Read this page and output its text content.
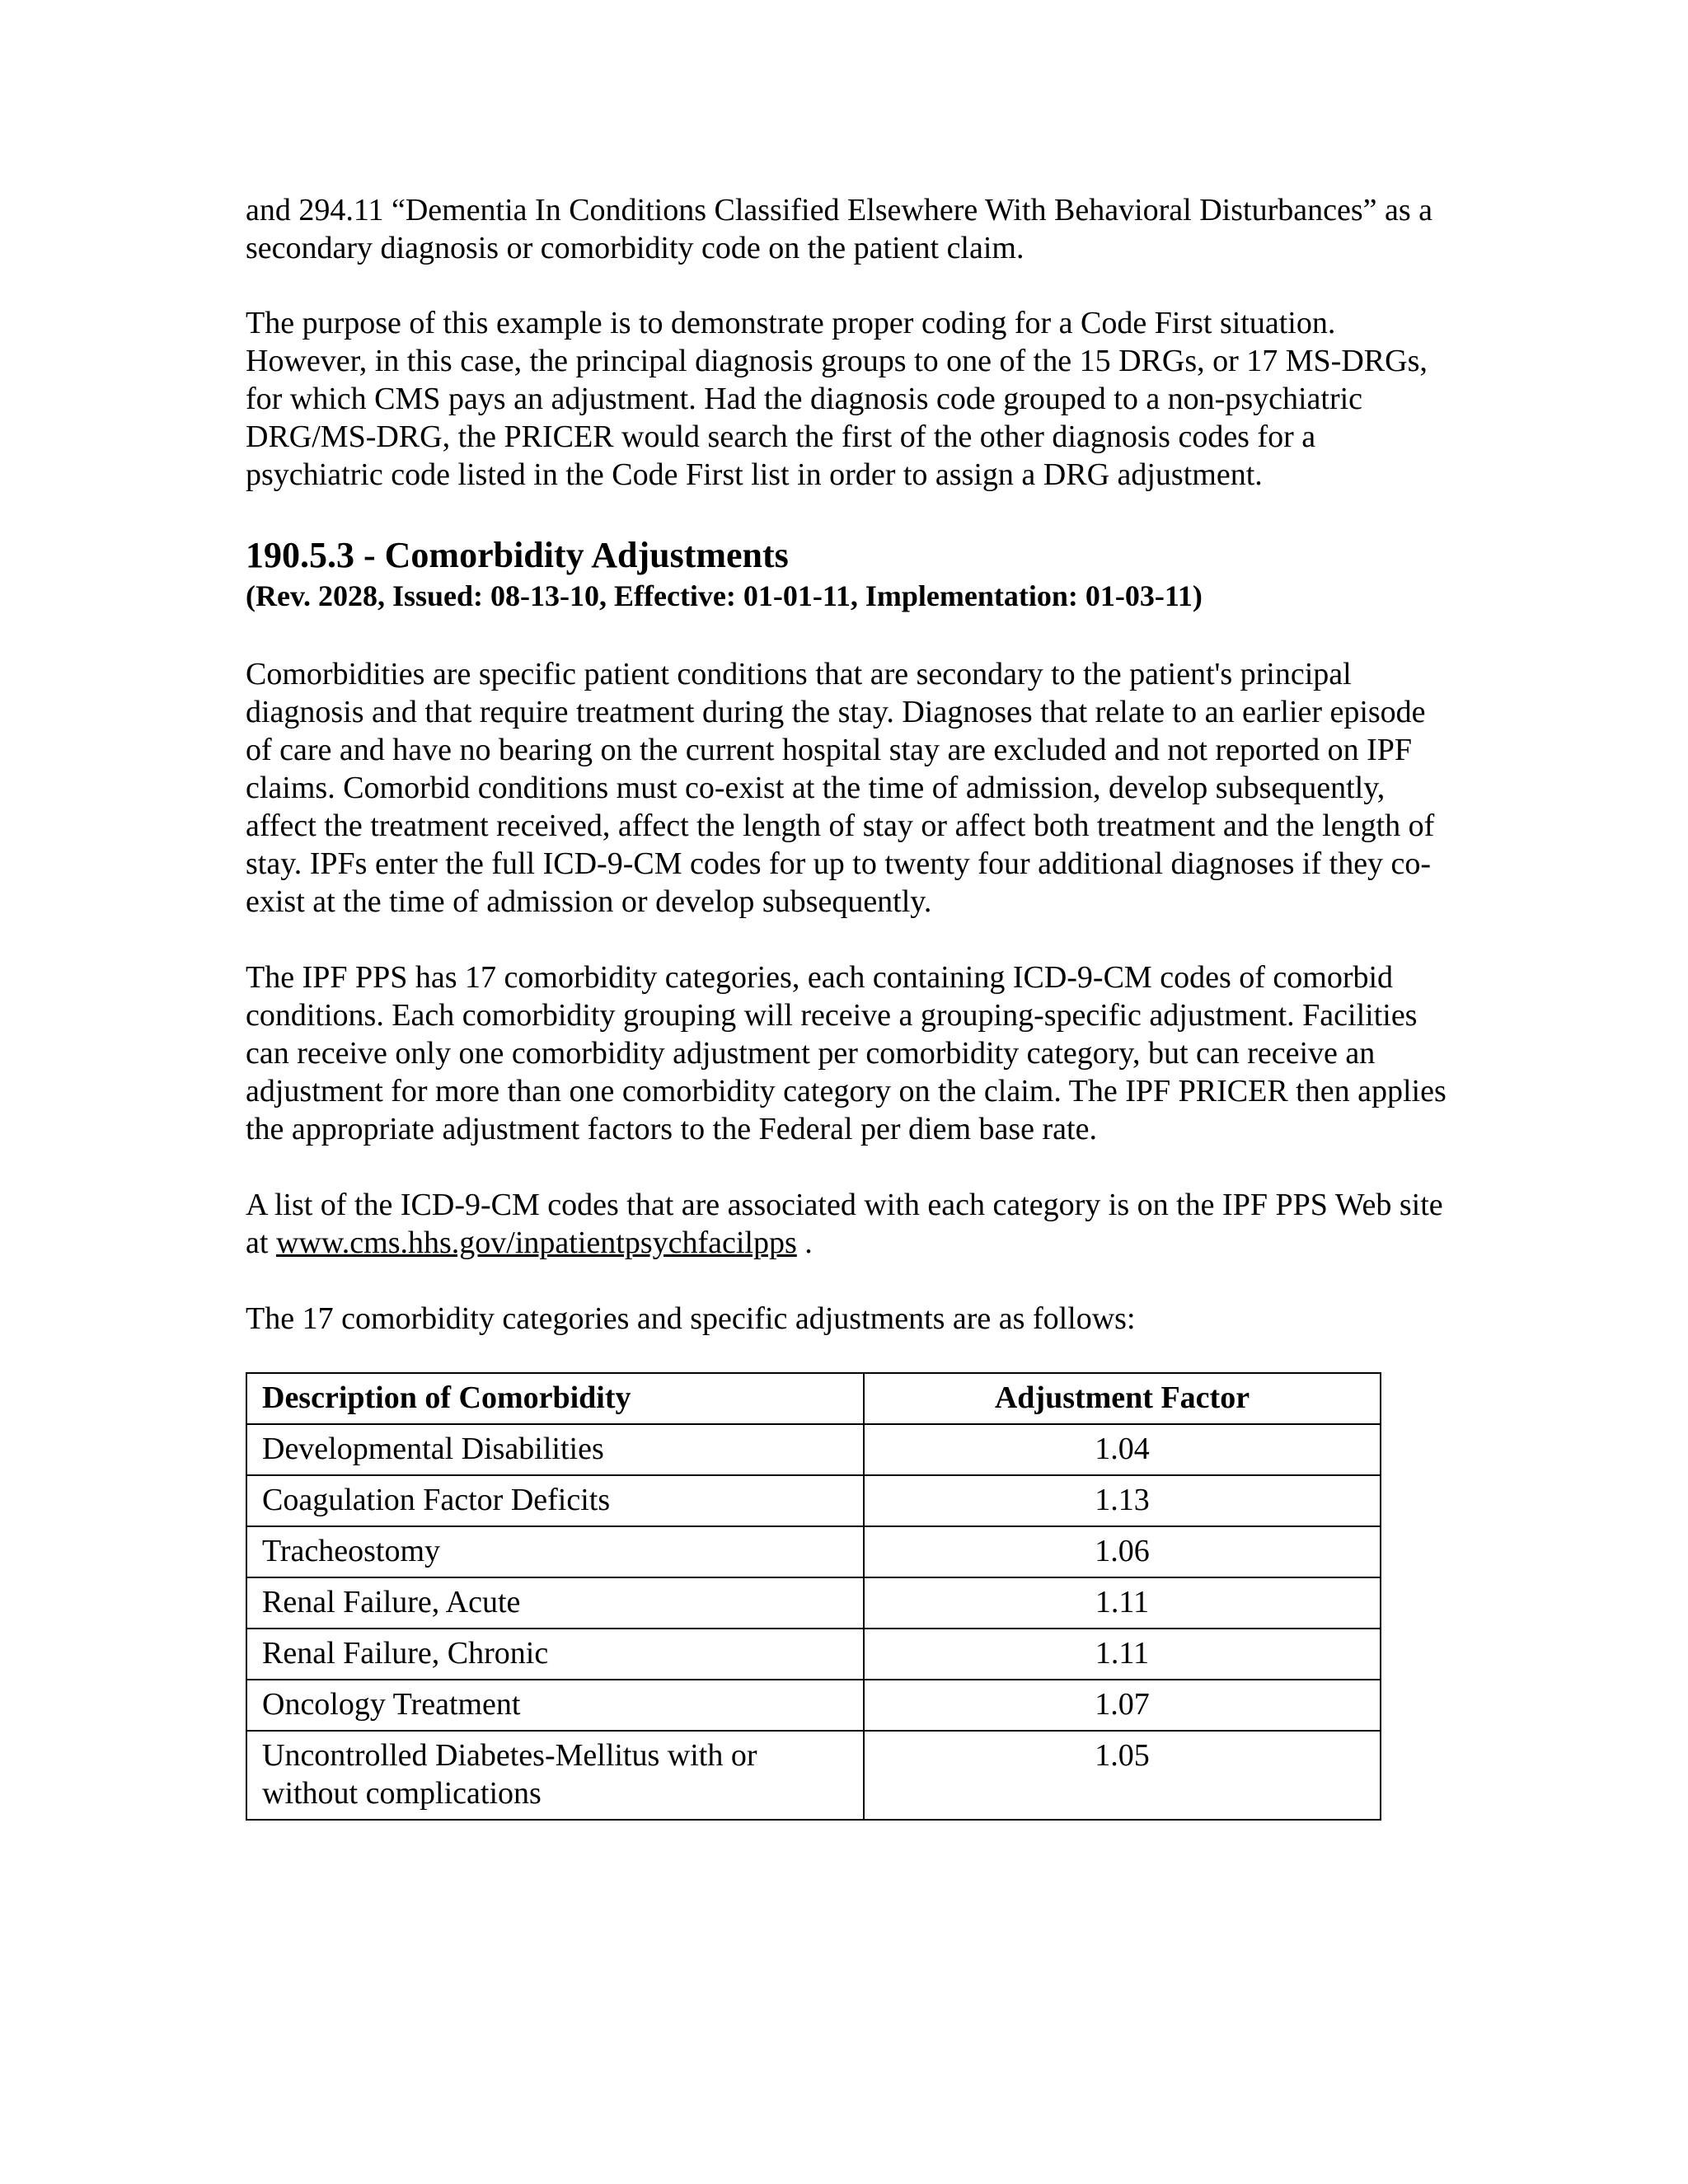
and 294.11 “Dementia In Conditions Classified Elsewhere With Behavioral Disturbances” as a secondary diagnosis or comorbidity code on the patient claim.

The purpose of this example is to demonstrate proper coding for a Code First situation. However, in this case, the principal diagnosis groups to one of the 15 DRGs, or 17 MS-DRGs, for which CMS pays an adjustment. Had the diagnosis code grouped to a non-psychiatric DRG/MS-DRG, the PRICER would search the first of the other diagnosis codes for a psychiatric code listed in the Code First list in order to assign a DRG adjustment.

190.5.3 - Comorbidity Adjustments
(Rev. 2028, Issued: 08-13-10, Effective: 01-01-11, Implementation: 01-03-11)

Comorbidities are specific patient conditions that are secondary to the patient's principal diagnosis and that require treatment during the stay. Diagnoses that relate to an earlier episode of care and have no bearing on the current hospital stay are excluded and not reported on IPF claims. Comorbid conditions must co-exist at the time of admission, develop subsequently, affect the treatment received, affect the length of stay or affect both treatment and the length of stay. IPFs enter the full ICD-9-CM codes for up to twenty four additional diagnoses if they co-exist at the time of admission or develop subsequently.

The IPF PPS has 17 comorbidity categories, each containing ICD-9-CM codes of comorbid conditions. Each comorbidity grouping will receive a grouping-specific adjustment. Facilities can receive only one comorbidity adjustment per comorbidity category, but can receive an adjustment for more than one comorbidity category on the claim. The IPF PRICER then applies the appropriate adjustment factors to the Federal per diem base rate.

A list of the ICD-9-CM codes that are associated with each category is on the IPF PPS Web site at www.cms.hhs.gov/inpatientpsychfacilpps .

The 17 comorbidity categories and specific adjustments are as follows:

Description of Comorbidity	Adjustment Factor
Developmental Disabilities	1.04
Coagulation Factor Deficits	1.13
Tracheostomy	1.06
Renal Failure, Acute	1.11
Renal Failure, Chronic	1.11
Oncology Treatment	1.07
Uncontrolled Diabetes-Mellitus with or without complications	1.05
